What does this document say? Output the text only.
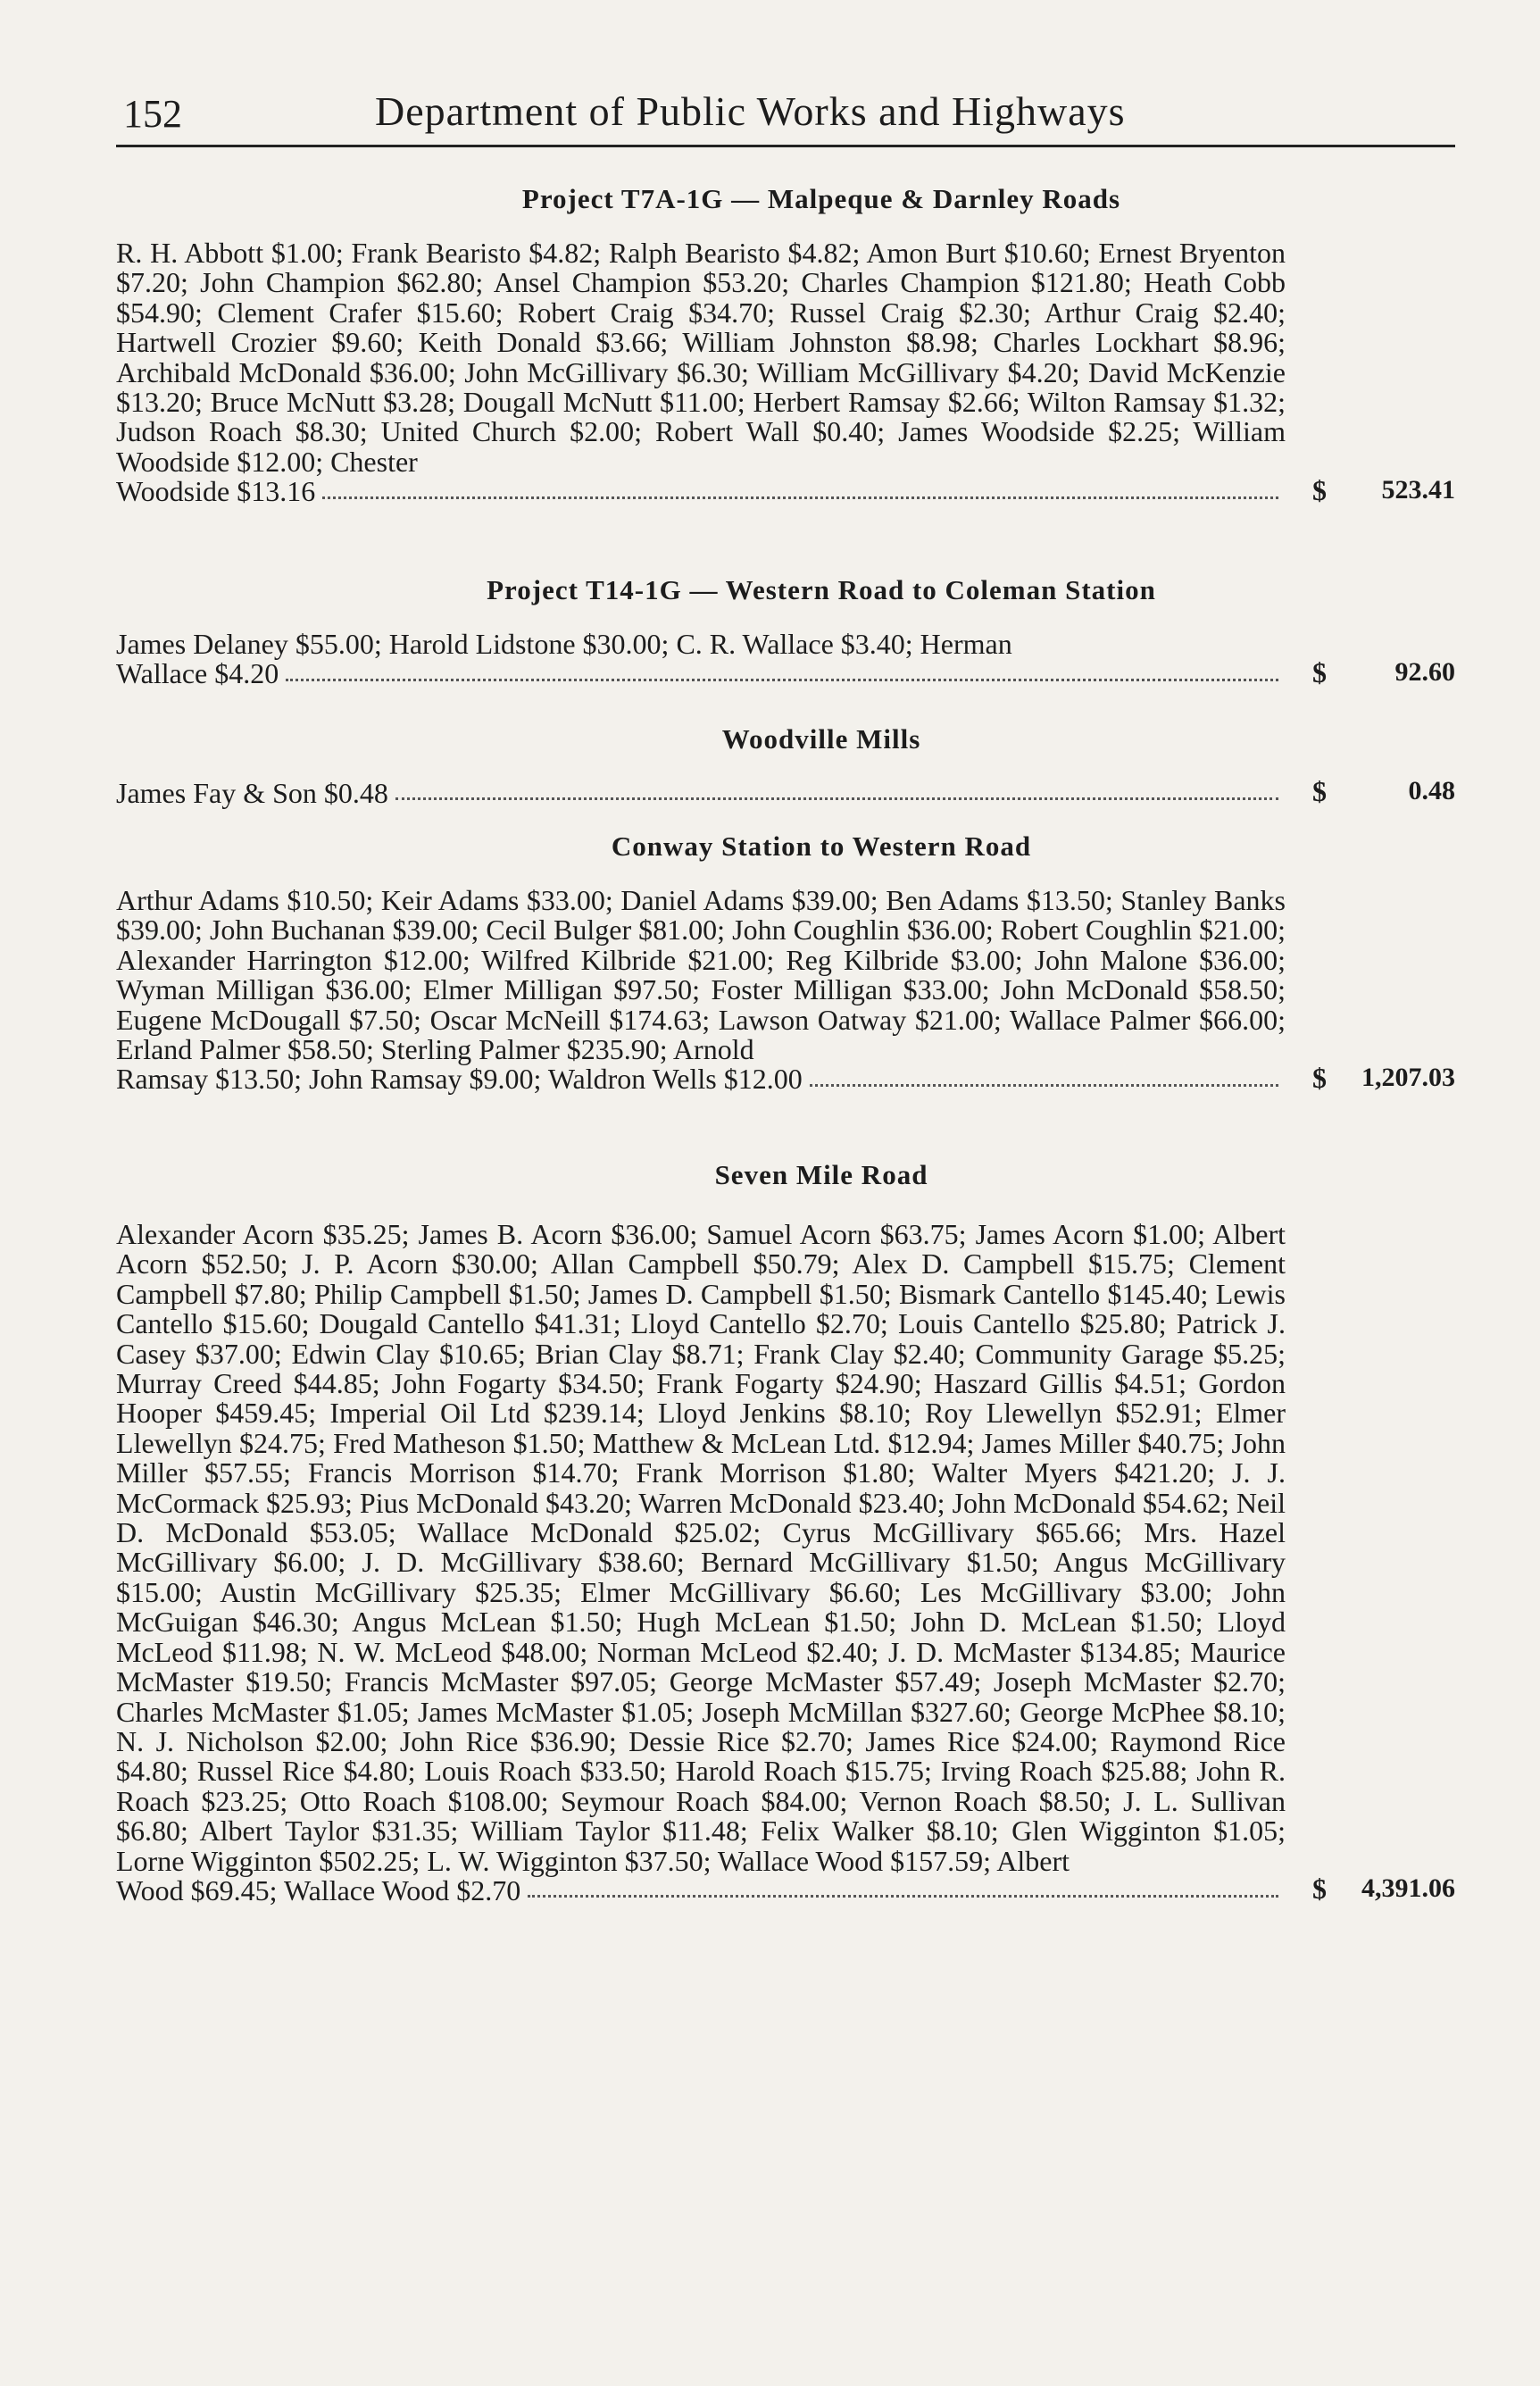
152	Department of Public Works and Highways
Project T7A-1G — Malpeque & Darnley Roads

R. H. Abbott $1.00; Frank Bearisto $4.82; Ralph Bearisto $4.82; Amon Burt $10.60; Ernest Bryenton $7.20; John Champion $62.80; Ansel Champion $53.20; Charles Champion $121.80; Heath Cobb $54.90; Clement Crafer $15.60; Robert Craig $34.70; Russel Craig $2.30; Arthur Craig $2.40; Hartwell Crozier $9.60; Keith Donald $3.66; William Johnston $8.98; Charles Lockhart $8.96; Archibald McDonald $36.00; John McGillivary $6.30; William McGillivary $4.20; David McKenzie $13.20; Bruce McNutt $3.28; Dougall McNutt $11.00; Herbert Ramsay $2.66; Wilton Ramsay $1.32; Judson Roach $8.30; United Church $2.00; Robert Wall $0.40; James Woodside $2.25; William Woodside $12.00; Chester

Woodside $13.16	$	523.41
Project T14-1G — Western Road to Coleman Station

James Delaney $55.00; Harold Lidstone $30.00; C. R. Wallace $3.40; Herman

Wallace $4.20	$	92.60
Woodville Mills
James Fay & Son $0.48	$	0.48
Conway Station to Western Road

Arthur Adams $10.50; Keir Adams $33.00; Daniel Adams $39.00; Ben Adams $13.50; Stanley Banks $39.00; John Buchanan $39.00; Cecil Bulger $81.00; John Coughlin $36.00; Robert Coughlin $21.00; Alexander Harrington $12.00; Wilfred Kilbride $21.00; Reg Kilbride $3.00; John Malone $36.00; Wyman Milligan $36.00; Elmer Milligan $97.50; Foster Milligan $33.00; John McDonald $58.50; Eugene McDougall $7.50; Oscar McNeill $174.63; Lawson Oatway $21.00; Wallace Palmer $66.00; Erland Palmer $58.50; Sterling Palmer $235.90; Arnold

Ramsay $13.50; John Ramsay $9.00; Waldron Wells $12.00	$	1,207.03
Seven Mile Road

Alexander Acorn $35.25; James B. Acorn $36.00; Samuel Acorn $63.75; James Acorn $1.00; Albert Acorn $52.50; J. P. Acorn $30.00; Allan Campbell $50.79; Alex D. Campbell $15.75; Clement Campbell $7.80; Philip Campbell $1.50; James D. Campbell $1.50; Bismark Cantello $145.40; Lewis Cantello $15.60; Dougald Cantello $41.31; Lloyd Cantello $2.70; Louis Cantello $25.80; Patrick J. Casey $37.00; Edwin Clay $10.65; Brian Clay $8.71; Frank Clay $2.40; Community Garage $5.25; Murray Creed $44.85; John Fogarty $34.50; Frank Fogarty $24.90; Haszard Gillis $4.51; Gordon Hooper $459.45; Imperial Oil Ltd $239.14; Lloyd Jenkins $8.10; Roy Llewellyn $52.91; Elmer Llewellyn $24.75; Fred Matheson $1.50; Matthew & McLean Ltd. $12.94; James Miller $40.75; John Miller $57.55; Francis Morrison $14.70; Frank Morrison $1.80; Walter Myers $421.20; J. J. McCormack $25.93; Pius McDonald $43.20; Warren McDonald $23.40; John McDonald $54.62; Neil D. McDonald $53.05; Wallace McDonald $25.02; Cyrus McGillivary $65.66; Mrs. Hazel McGillivary $6.00; J. D. McGillivary $38.60; Bernard McGillivary $1.50; Angus McGillivary $15.00; Austin McGillivary $25.35; Elmer McGillivary $6.60; Les McGillivary $3.00; John McGuigan $46.30; Angus McLean $1.50; Hugh McLean $1.50; John D. McLean $1.50; Lloyd McLeod $11.98; N. W. McLeod $48.00; Norman McLeod $2.40; J. D. McMaster $134.85; Maurice McMaster $19.50; Francis McMaster $97.05; George McMaster $57.49; Joseph McMaster $2.70; Charles McMaster $1.05; James McMaster $1.05; Joseph McMillan $327.60; George McPhee $8.10; N. J. Nicholson $2.00; John Rice $36.90; Dessie Rice $2.70; James Rice $24.00; Raymond Rice $4.80; Russel Rice $4.80; Louis Roach $33.50; Harold Roach $15.75; Irving Roach $25.88; John R. Roach $23.25; Otto Roach $108.00; Seymour Roach $84.00; Vernon Roach $8.50; J. L. Sullivan $6.80; Albert Taylor $31.35; William Taylor $11.48; Felix Walker $8.10; Glen Wigginton $1.05; Lorne Wigginton $502.25; L. W. Wigginton $37.50; Wallace Wood $157.59; Albert

Wood $69.45; Wallace Wood $2.70	$	4,391.06
